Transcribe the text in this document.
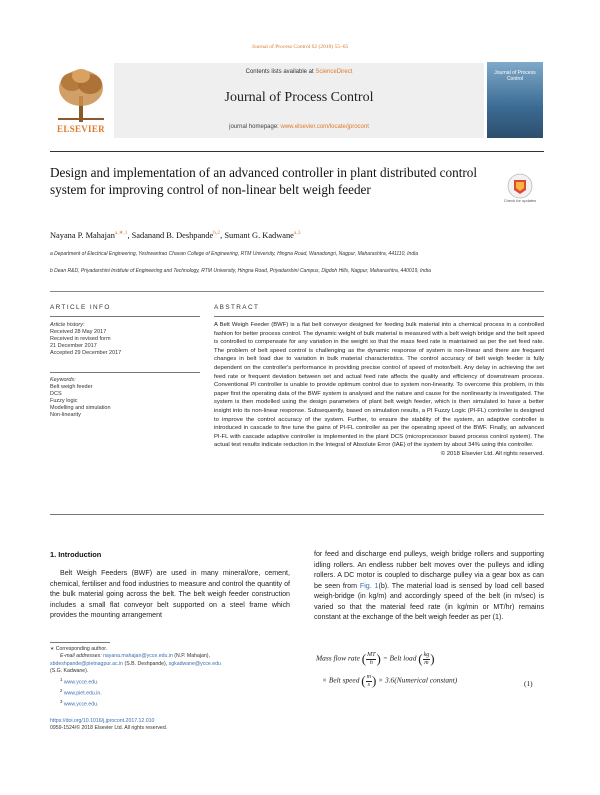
Journal of Process Control 62 (2018) 55–65
Contents lists available at ScienceDirect
Journal of Process Control
journal homepage: www.elsevier.com/locate/jprocont
ELSEVIER
Journal of Process Control
Design and implementation of an advanced controller in plant distributed control system for improving control of non-linear belt weigh feeder
Check for updates
Nayana P. Mahajan$^{a,∗,1}$, Sadanand B. Deshpande$^{b,2}$, Sumant G. Kadwane$^{a,3}$
a Department of Electrical Engineering, Yeshwantrao Chavan College of Engineering, RTM University, Hingna Road, Wanadongri, Nagpur, Maharashtra, 441110, India
b Dean R&D, Priyadarshini Institute of Engineering and Technology, RTM University, Hingna Road, Priyadarshini Campus, Digdoh Hills, Nagpur, Maharashtra, 440019, India
ARTICLE INFO
Article history:
Received 28 May 2017
Received in revised form
21 December 2017
Accepted 29 December 2017
Keywords:
Belt weigh feeder
DCS
Fuzzy logic
Modelling and simulation
Non-linearity
ABSTRACT
A Belt Weigh Feeder (BWF) is a flat belt conveyor designed for feeding bulk material into a chemical process in a controlled fashion for better process control. The dynamic weight of bulk material is measured with a belt weigh bridge and the belt speed is controlled to compensate for any variation in the weight so that the mass feed rate is maintained as per the set feed rate. The problem of belt speed control is challenging as the dynamic response of system is non-linear and there are frequent changes in belt load due to variation in bulk material characteristics. The control accuracy of belt weigh feeder is fully dependent on the controller's performance in providing precise control of speed of motor/belt. Any delay in achieving the set feed rate or frequent deviation between set and actual feed rate affects the quality and efficiency of downstream process. Conventional PI controller is unable to provide optimum control due to system non-linearity. To overcome this problem, in this paper first the operating data of the BWF system is analysed and the nature and cause for the nonlinearity is investigated. The system is then modelled using the design parameters of plant belt weigh feeder, which is then simulated to have a better insight into its non-linear response. Subsequently, based on simulation results, a PI Fuzzy Logic (PI-FL) controller is designed to improve the control accuracy of the system. Further, to ensure the stability of the system, an adaptive controller is introduced in cascade to fine tune the gains of PI-FL controller as per the operating speed of the BWF. Finally, an advanced PI-FL with cascade adaptive controller is implemented in the plant DCS (microprocessor based process control system). The actual test results indicate reduction in the Integral of Absolute Error (IAE) of the system by about 34% using this controller.
© 2018 Elsevier Ltd. All rights reserved.
1. Introduction
Belt Weigh Feeders (BWF) are used in many mineral/ore, cement, chemical, fertiliser and food industries to measure and control the quantity of the bulk material going across the belt. The belt weigh feeder construction includes a small flat conveyor belt supported on a steel frame which provides the mounting arrangement
for feed and discharge end pulleys, weigh bridge rollers and supporting idling rollers. An endless rubber belt moves over the pulleys and idling rollers. A DC motor is coupled to discharge pulley via a gear box as can be seen from Fig. 1(b). The material load is sensed by load cell based weigh-bridge (in kg/m) and accordingly speed of the belt (in m/sec) is varied so that the material feed rate (in kg/min or MT/hr) remains constant at the exchange of the belt weigh feeder as per (1).
Mass flow rate ( $\frac{MT}{h}$ ) = Belt load ( $\frac{kg}{m}$ )
× Belt speed ( $\frac{m}{s}$ ) × 3.6(Numerical constant)	(1)
∗ Corresponding author.
E-mail addresses: nayana.mahajan@ycce.edu.in (N.P. Mahajan),
sbdeshpande@pietnagpur.ac.in (S.B. Deshpande), sgkadwane@ycce.edu
(S.G. Kadwane).
$^1$ www.ycce.edu.
$^2$ www.piet.edu.in.
$^3$ www.ycce.edu.
https://doi.org/10.1016/j.jprocont.2017.12.010
0959-1524/© 2018 Elsevier Ltd. All rights reserved.
